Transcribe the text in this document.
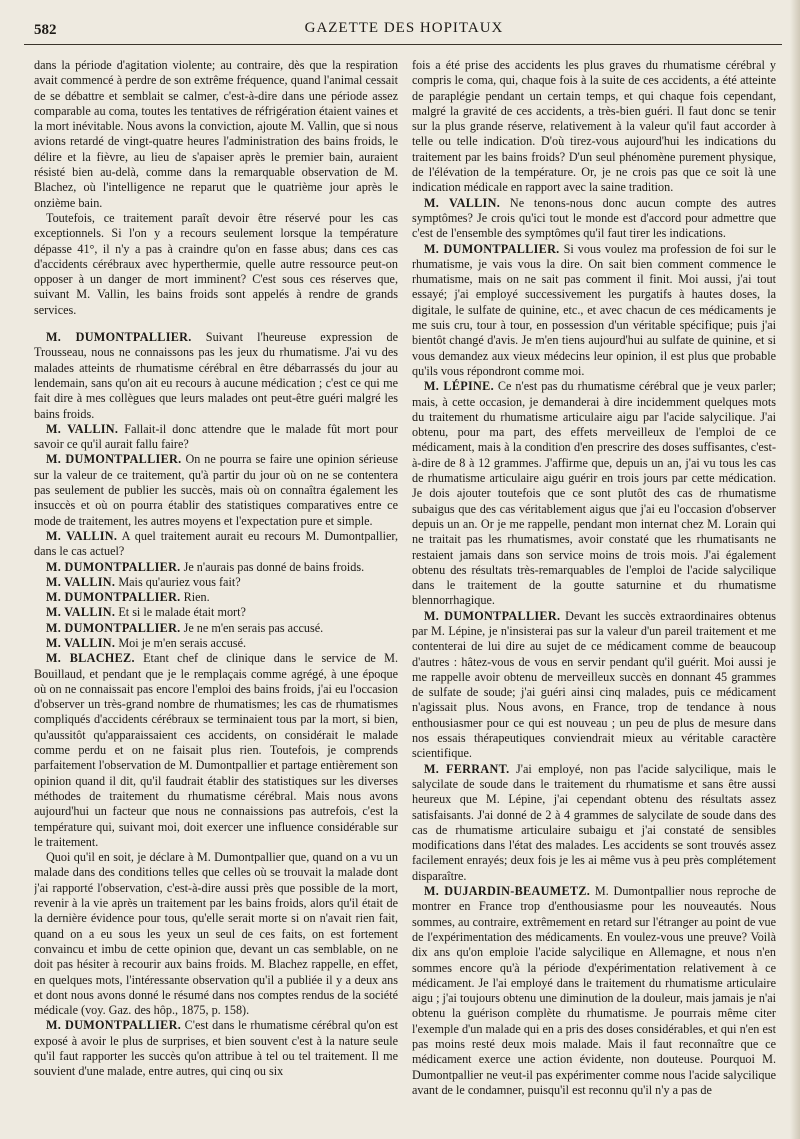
582	GAZETTE DES HOPITAUX

dans la période d'agitation violente; au contraire, dès que la respiration avait commencé à perdre de son extrême fréquence, quand l'animal cessait de se débattre et semblait se calmer, c'est-à-dire dans une période assez comparable au coma, toutes les tentatives de réfrigération étaient vaines et la mort inévitable. Nous avons la conviction, ajoute M. Vallin, que si nous avions retardé de vingt-quatre heures l'administration des bains froids, le délire et la fièvre, au lieu de s'apaiser après le premier bain, auraient résisté bien au-delà, comme dans la remarquable observation de M. Blachez, où l'intelligence ne reparut que le quatrième jour après le onzième bain.

Toutefois, ce traitement paraît devoir être réservé pour les cas exceptionnels. Si l'on y a recours seulement lorsque la température dépasse 41°, il n'y a pas à craindre qu'on en fasse abus; dans ces cas d'accidents cérébraux avec hyperthermie, quelle autre ressource peut-on opposer à un danger de mort imminent? C'est sous ces réserves que, suivant M. Vallin, les bains froids sont appelés à rendre de grands services.

M. DUMONTPALLIER. Suivant l'heureuse expression de Trousseau, nous ne connaissons pas les jeux du rhumatisme. J'ai vu des malades atteints de rhumatisme cérébral en être débarrassés du jour au lendemain, sans qu'on ait eu recours à aucune médication ; c'est ce qui me fait dire à mes collègues que leurs malades ont peut-être guéri malgré les bains froids.

M. VALLIN. Fallait-il donc attendre que le malade fût mort pour savoir ce qu'il aurait fallu faire?

M. DUMONTPALLIER. On ne pourra se faire une opinion sérieuse sur la valeur de ce traitement, qu'à partir du jour où on ne se contentera pas seulement de publier les succès, mais où on connaîtra également les insuccès et où on pourra établir des statistiques comparatives entre ce mode de traitement, les autres moyens et l'expectation pure et simple.

M. VALLIN. A quel traitement aurait eu recours M. Dumontpallier, dans le cas actuel?

M. DUMONTPALLIER. Je n'aurais pas donné de bains froids.

M. VALLIN. Mais qu'auriez vous fait?

M. DUMONTPALLIER. Rien.

M. VALLIN. Et si le malade était mort?

M. DUMONTPALLIER. Je ne m'en serais pas accusé.

M. VALLIN. Moi je m'en serais accusé.

M. BLACHEZ. Etant chef de clinique dans le service de M. Bouillaud, et pendant que je le remplaçais comme agrégé, à une époque où on ne connaissait pas encore l'emploi des bains froids, j'ai eu l'occasion d'observer un très-grand nombre de rhumatismes; les cas de rhumatismes compliqués d'accidents cérébraux se terminaient tous par la mort, si bien, qu'aussitôt qu'apparaissaient ces accidents, on considérait le malade comme perdu et on ne faisait plus rien. Toutefois, je comprends parfaitement l'observation de M. Dumontpallier et partage entièrement son opinion quand il dit, qu'il faudrait établir des statistiques sur les diverses méthodes de traitement du rhumatisme cérébral. Mais nous avons aujourd'hui un facteur que nous ne connaissions pas autrefois, c'est la température qui, suivant moi, doit exercer une influence considérable sur le traitement.

Quoi qu'il en soit, je déclare à M. Dumontpallier que, quand on a vu un malade dans des conditions telles que celles où se trouvait la malade dont j'ai rapporté l'observation, c'est-à-dire aussi près que possible de la mort, revenir à la vie après un traitement par les bains froids, alors qu'il était de la dernière évidence pour tous, qu'elle serait morte si on n'avait rien fait, quand on a eu sous les yeux un seul de ces faits, on est fortement convaincu et imbu de cette opinion que, devant un cas semblable, on ne doit pas hésiter à recourir aux bains froids. M. Blachez rappelle, en effet, en quelques mots, l'intéressante observation qu'il a publiée il y a deux ans et dont nous avons donné le résumé dans nos comptes rendus de la société médicale (voy. Gaz. des hôp., 1875, p. 158).

M. DUMONTPALLIER. C'est dans le rhumatisme cérébral qu'on est exposé à avoir le plus de surprises, et bien souvent c'est à la nature seule qu'il faut rapporter les succès qu'on attribue à tel ou tel traitement. Il me souvient d'une malade, entre autres, qui cinq ou six

fois a été prise des accidents les plus graves du rhumatisme cérébral y compris le coma, qui, chaque fois à la suite de ces accidents, a été atteinte de paraplégie pendant un certain temps, et qui chaque fois cependant, malgré la gravité de ces accidents, a très-bien guéri. Il faut donc se tenir sur la plus grande réserve, relativement à la valeur qu'il faut accorder à telle ou telle indication. D'où tirez-vous aujourd'hui les indications du traitement par les bains froids? D'un seul phénomène purement physique, de l'élévation de la température. Or, je ne crois pas que ce soit là une indication médicale en rapport avec la saine tradition.

M. VALLIN. Ne tenons-nous donc aucun compte des autres symptômes? Je crois qu'ici tout le monde est d'accord pour admettre que c'est de l'ensemble des symptômes qu'il faut tirer les indications.

M. DUMONTPALLIER. Si vous voulez ma profession de foi sur le rhumatisme, je vais vous la dire. On sait bien comment commence le rhumatisme, mais on ne sait pas comment il finit. Moi aussi, j'ai tout essayé; j'ai employé successivement les purgatifs à hautes doses, la digitale, le sulfate de quinine, etc., et avec chacun de ces médicaments je me suis cru, tour à tour, en possession d'un véritable spécifique; puis j'ai bientôt changé d'avis. Je m'en tiens aujourd'hui au sulfate de quinine, et si vous demandez aux vieux médecins leur opinion, il est plus que probable qu'ils vous répondront comme moi.

M. LÉPINE. Ce n'est pas du rhumatisme cérébral que je veux parler; mais, à cette occasion, je demanderai à dire incidemment quelques mots du traitement du rhumatisme articulaire aigu par l'acide salycilique. J'ai obtenu, pour ma part, des effets merveilleux de l'emploi de ce médicament, mais à la condition d'en prescrire des doses suffisantes, c'est-à-dire de 8 à 12 grammes. J'affirme que, depuis un an, j'ai vu tous les cas de rhumatisme articulaire aigu guérir en trois jours par cette médication. Je dois ajouter toutefois que ce sont plutôt des cas de rhumatisme subaigus que des cas véritablement aigus que j'ai eu l'occasion d'observer depuis un an. Or je me rappelle, pendant mon internat chez M. Lorain qui ne traitait pas les rhumatismes, avoir constaté que les rhumatisants ne restaient jamais dans son service moins de trois mois. J'ai également obtenu des résultats très-remarquables de l'emploi de l'acide salycilique dans le traitement de la goutte saturnine et du rhumatisme blennorrhagique.

M. DUMONTPALLIER. Devant les succès extraordinaires obtenus par M. Lépine, je n'insisterai pas sur la valeur d'un pareil traitement et me contenterai de lui dire au sujet de ce médicament comme de beaucoup d'autres : hâtez-vous de vous en servir pendant qu'il guérit. Moi aussi je me rappelle avoir obtenu de merveilleux succès en donnant 45 grammes de sulfate de soude; j'ai guéri ainsi cinq malades, puis ce médicament n'agissait plus. Nous avons, en France, trop de tendance à nous enthousiasmer pour ce qui est nouveau ; un peu de plus de mesure dans nos essais thérapeutiques conviendrait mieux au véritable caractère scientifique.

M. FERRANT. J'ai employé, non pas l'acide salycilique, mais le salycilate de soude dans le traitement du rhumatisme et sans être aussi heureux que M. Lépine, j'ai cependant obtenu des résultats assez satisfaisants. J'ai donné de 2 à 4 grammes de salycilate de soude dans des cas de rhumatisme articulaire subaigu et j'ai constaté de sensibles modifications dans l'état des malades. Les accidents se sont trouvés assez facilement enrayés; deux fois je les ai même vus à peu près complétement disparaître.

M. DUJARDIN-BEAUMETZ. M. Dumontpallier nous reproche de montrer en France trop d'enthousiasme pour les nouveautés. Nous sommes, au contraire, extrêmement en retard sur l'étranger au point de vue de l'expérimentation des médicaments. En voulez-vous une preuve? Voilà dix ans qu'on emploie l'acide salycilique en Allemagne, et nous n'en sommes encore qu'à la période d'expérimentation relativement à ce médicament. Je l'ai employé dans le traitement du rhumatisme articulaire aigu ; j'ai toujours obtenu une diminution de la douleur, mais jamais je n'ai obtenu la guérison complète du rhumatisme. Je pourrais même citer l'exemple d'un malade qui en a pris des doses considérables, et qui n'en est pas moins resté deux mois malade. Mais il faut reconnaître que ce médicament exerce une action évidente, non douteuse. Pourquoi M. Dumontpallier ne veut-il pas expérimenter comme nous l'acide salycilique avant de le condamner, puisqu'il est reconnu qu'il n'y a pas de
